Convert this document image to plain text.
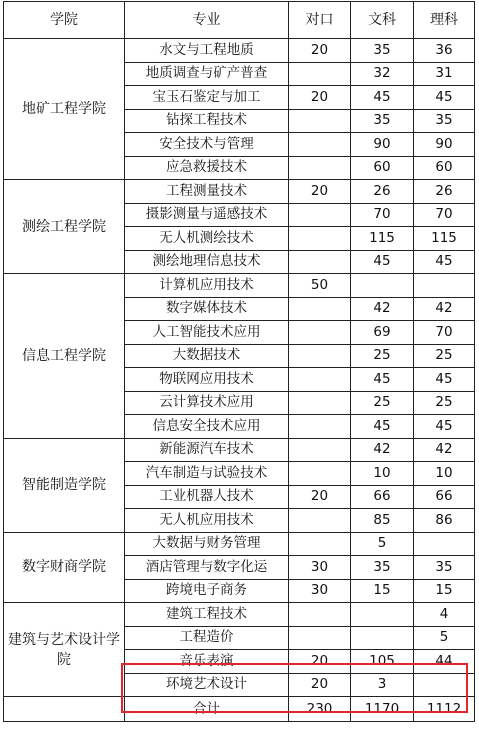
学院	专业	对口	文科	理科
地矿工程学院	水文与工程地质	20	35	36
	地质调查与矿产普查		32	31
	宝玉石鉴定与加工	20	45	45
	钻探工程技术		35	35
	安全技术与管理		90	90
	应急救援技术		60	60
测绘工程学院	工程测量技术	20	26	26
	摄影测量与遥感技术		70	70
	无人机测绘技术		115	115
	测绘地理信息技术		45	45
信息工程学院	计算机应用技术	50		
	数字媒体技术		42	42
	人工智能技术应用		69	70
	大数据技术		25	25
	物联网应用技术		45	45
	云计算技术应用		25	25
	信息安全技术应用		45	45
智能制造学院	新能源汽车技术		42	42
	汽车制造与试验技术		10	10
	工业机器人技术	20	66	66
	无人机应用技术		85	86
数字财商学院	大数据与财务管理		5	
	酒店管理与数字化运	30	35	35
	跨境电子商务	30	15	15
建筑与艺术设计学院	建筑工程技术			4
	工程造价			5
	音乐表演	20	105	44
	环境艺术设计	20	3	
	合计	230	1170	1112
